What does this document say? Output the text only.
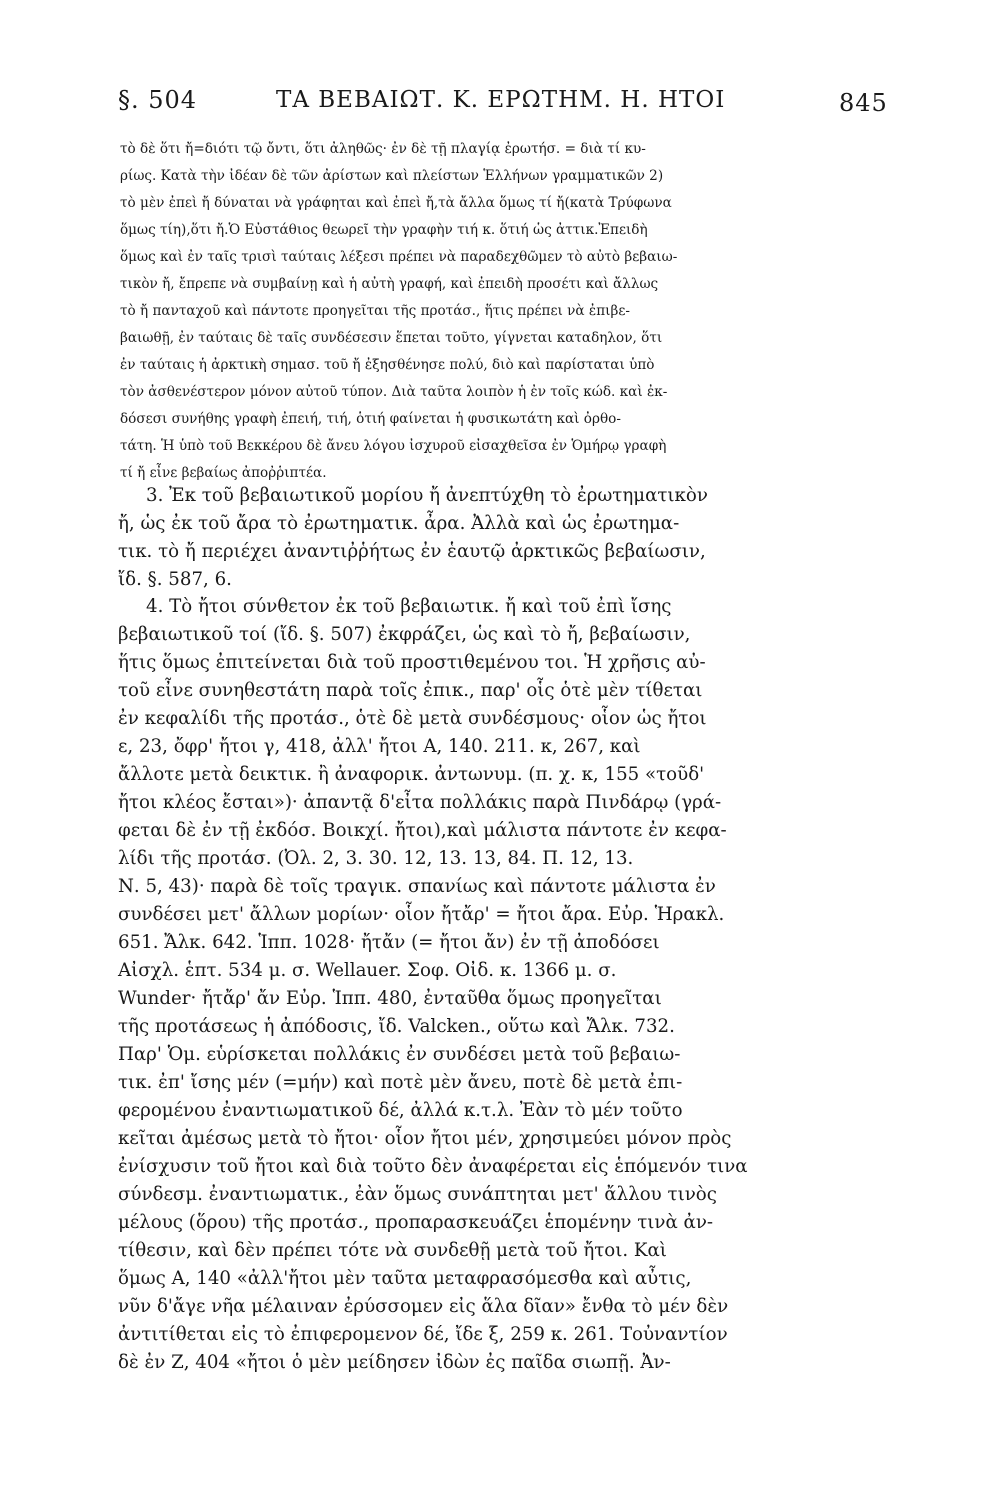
§. 504	ΤΑ ΒΕΒΑΙΩΤ. Κ. ΕΡΩΤΗΜ. Η. ΗΤΟΙ	845
τὸ δὲ ὅτι ἤ=διότι τῷ ὄντι, ὅτι ἀληθῶς· ἐν δὲ τῇ πλαγίᾳ ἐρωτήσ. = διὰ τί κυ-
ρίως. Κατὰ τὴν ἰδέαν δὲ τῶν ἀρίστων καὶ πλείστων Ἑλλήνων γραμματικῶν 2)
τὸ μὲν ἐπεὶ ἤ δύναται νὰ γράφηται καὶ ἐπεὶ ἤ,τὰ ἄλλα ὅμως τί ἤ(κατὰ Τρύφωνα
ὅμως τίη),ὅτι ἤ.Ὁ Εὐστάθιος θεωρεῖ τὴν γραφὴν τιή κ. ὅτιή ὡς ἀττικ.Ἐπειδὴ
ὅμως καὶ ἐν ταῖς τρισὶ ταύταις λέξεσι πρέπει νὰ παραδεχθῶμεν τὸ αὐτὸ βεβαιω-
τικὸν ἤ, ἔπρεπε νὰ συμβαίνῃ καὶ ἡ αὐτὴ γραφή, καὶ ἐπειδὴ προσέτι καὶ ἄλλως
τὸ ἤ πανταχοῦ καὶ πάντοτε προηγεῖται τῆς προτάσ., ἥτις πρέπει νὰ ἐπιβε-
βαιωθῇ, ἐν ταύταις δὲ ταῖς συνδέσεσιν ἕπεται τοῦτο, γίγνεται καταδηλον, ὅτι
ἐν ταύταις ἡ ἀρκτικὴ σημασ. τοῦ ἤ ἐξησθένησε πολύ, διὸ καὶ παρίσταται ὑπὸ
τὸν ἀσθενέστερον μόνον αὐτοῦ τύπον. Διὰ ταῦτα λοιπὸν ἡ ἐν τοῖς κώδ. καὶ ἐκ-
δόσεσι συνήθης γραφὴ ἐπειή, τιή, ὁτιή φαίνεται ἡ φυσικωτάτη καὶ ὀρθο-
τάτη. Ἡ ὑπὸ τοῦ Βεκκέρου δὲ ἄνευ λόγου ἰσχυροῦ εἰσαχθεῖσα ἐν Ὁμήρῳ γραφὴ
τί ἤ εἶνε βεβαίως ἀποῤῥιπτέα.
3. Ἐκ τοῦ βεβαιωτικοῦ μορίου ἤ ἀνεπτύχθη τὸ ἐρωτηματικὸν
ἤ, ὡς ἐκ τοῦ ἄρα τὸ ἐρωτηματικ. ἆρα. Ἀλλὰ καὶ ὡς ἐρωτημα-
τικ. τὸ ἤ περιέχει ἀναντιῤῥήτως ἐν ἑαυτῷ ἀρκτικῶς βεβαίωσιν,
ἴδ. §. 587, 6.
4. Τὸ ἤτοι σύνθετον ἐκ τοῦ βεβαιωτικ. ἤ καὶ τοῦ ἐπὶ ἴσης
βεβαιωτικοῦ τοί (ἴδ. §. 507) ἐκφράζει, ὡς καὶ τὸ ἤ, βεβαίωσιν,
ἥτις ὅμως ἐπιτείνεται διὰ τοῦ προστιθεμένου τοι. Ἡ χρῆσις αὐ-
τοῦ εἶνε συνηθεστάτη παρὰ τοῖς ἐπικ., παρ' οἷς ὁτὲ μὲν τίθεται
ἐν κεφαλίδι τῆς προτάσ., ὁτὲ δὲ μετὰ συνδέσμους· οἷον ὡς ἤτοι
ε, 23, ὄφρ' ἤτοι γ, 418, ἀλλ' ἤτοι Α, 140. 211. κ, 267, καὶ
ἄλλοτε μετὰ δεικτικ. ἢ ἀναφορικ. ἀντωνυμ. (π. χ. κ, 155 «τοῦδ'
ἤτοι κλέος ἔσται»)· ἀπαντᾷ δ'εἶτα πολλάκις παρὰ Πινδάρῳ (γρά-
φεται δὲ ἐν τῇ ἐκδόσ. Βοικχί. ἤτοι),καὶ μάλιστα πάντοτε ἐν κεφα-
λίδι τῆς προτάσ. (Ὀλ. 2, 3. 30. 12, 13. 13, 84. Π. 12, 13.
Ν. 5, 43)· παρὰ δὲ τοῖς τραγικ. σπανίως καὶ πάντοτε μάλιστα ἐν
συνδέσει μετ' ἄλλων μορίων· οἷον ἤτἄρ' = ἤτοι ἄρα. Εὐρ. Ἡρακλ.
651. Ἄλκ. 642. Ἱππ. 1028· ἤτἄν (= ἤτοι ἄν) ἐν τῇ ἀποδόσει
Αἰσχλ. ἑπτ. 534 μ. σ. Wellauer. Σοφ. Οἰδ. κ. 1366 μ. σ.
Wunder· ἤτἄρ' ἄν Εὐρ. Ἱππ. 480, ἐνταῦθα ὅμως προηγεῖται
τῆς προτάσεως ἡ ἀπόδοσις, ἴδ. Valcken., οὕτω καὶ Ἄλκ. 732.
Παρ' Ὁμ. εὑρίσκεται πολλάκις ἐν συνδέσει μετὰ τοῦ βεβαιω-
τικ. ἐπ' ἴσης μέν (=μήν) καὶ ποτὲ μὲν ἄνευ, ποτὲ δὲ μετὰ ἐπι-
φερομένου ἐναντιωματικοῦ δέ, ἀλλά κ.τ.λ. Ἐὰν τὸ μέν τοῦτο
κεῖται ἀμέσως μετὰ τὸ ἤτοι· οἷον ἤτοι μέν, χρησιμεύει μόνον πρὸς
ἐνίσχυσιν τοῦ ἤτοι καὶ διὰ τοῦτο δὲν ἀναφέρεται εἰς ἑπόμενόν τινα
σύνδεσμ. ἐναντιωματικ., ἐὰν ὅμως συνάπτηται μετ' ἄλλου τινὸς
μέλους (ὅρου) τῆς προτάσ., προπαρασκευάζει ἑπομένην τινὰ ἀν-
τίθεσιν, καὶ δὲν πρέπει τότε νὰ συνδεθῇ μετὰ τοῦ ἤτοι. Καὶ
ὅμως Α, 140 «ἀλλ'ἤτοι μὲν ταῦτα μεταφρασόμεσθα καὶ αὖτις,
νῦν δ'ἄγε νῆα μέλαιναν ἐρύσσομεν εἰς ἅλα δῖαν» ἔνθα τὸ μέν δὲν
ἀντιτίθεται εἰς τὸ ἐπιφερομενον δέ, ἴδε ξ, 259 κ. 261. Τοὐναντίον
δὲ ἐν Ζ, 404 «ἤτοι ὁ μὲν μείδησεν ἰδὼν ἐς παῖδα σιωπῇ. Ἀν-
